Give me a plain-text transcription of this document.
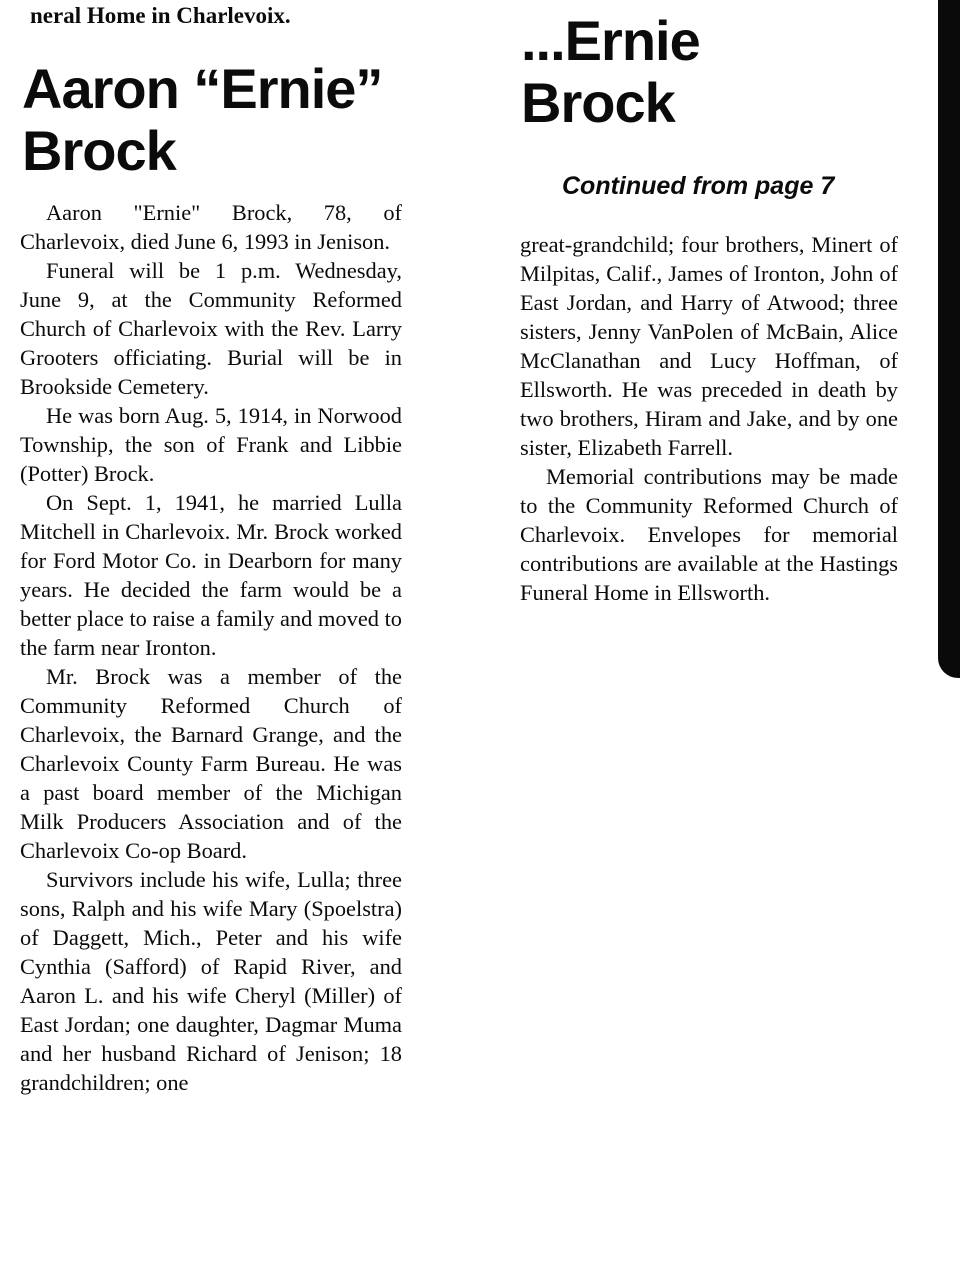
neral Home in Charlevoix.
Aaron “Ernie”
Brock

Aaron "Ernie" Brock, 78, of Charlevoix, died June 6, 1993 in Jenison.

Funeral will be 1 p.m. Wednesday, June 9, at the Community Reformed Church of Charlevoix with the Rev. Larry Grooters officiating. Burial will be in Brookside Cemetery.

He was born Aug. 5, 1914, in Norwood Township, the son of Frank and Libbie (Potter) Brock.

On Sept. 1, 1941, he married Lulla Mitchell in Charlevoix. Mr. Brock worked for Ford Motor Co. in Dearborn for many years. He decided the farm would be a better place to raise a family and moved to the farm near Ironton.

Mr. Brock was a member of the Community Reformed Church of Charlevoix, the Barnard Grange, and the Charlevoix County Farm Bureau. He was a past board member of the Michigan Milk Producers Association and of the Charlevoix Co-op Board.

Survivors include his wife, Lulla; three sons, Ralph and his wife Mary (Spoelstra) of Daggett, Mich., Peter and his wife Cynthia (Safford) of Rapid River, and Aaron L. and his wife Cheryl (Miller) of East Jordan; one daughter, Dagmar Muma and her husband Richard of Jenison; 18 grandchildren; one

...Ernie
Brock
Continued from page 7

great-grandchild; four brothers, Minert of Milpitas, Calif., James of Ironton, John of East Jordan, and Harry of Atwood; three sisters, Jenny VanPolen of McBain, Alice McClanathan and Lucy Hoffman, of Ellsworth. He was preceded in death by two brothers, Hiram and Jake, and by one sister, Elizabeth Farrell.

Memorial contributions may be made to the Community Reformed Church of Charlevoix. Envelopes for memorial contributions are available at the Hastings Funeral Home in Ellsworth.
